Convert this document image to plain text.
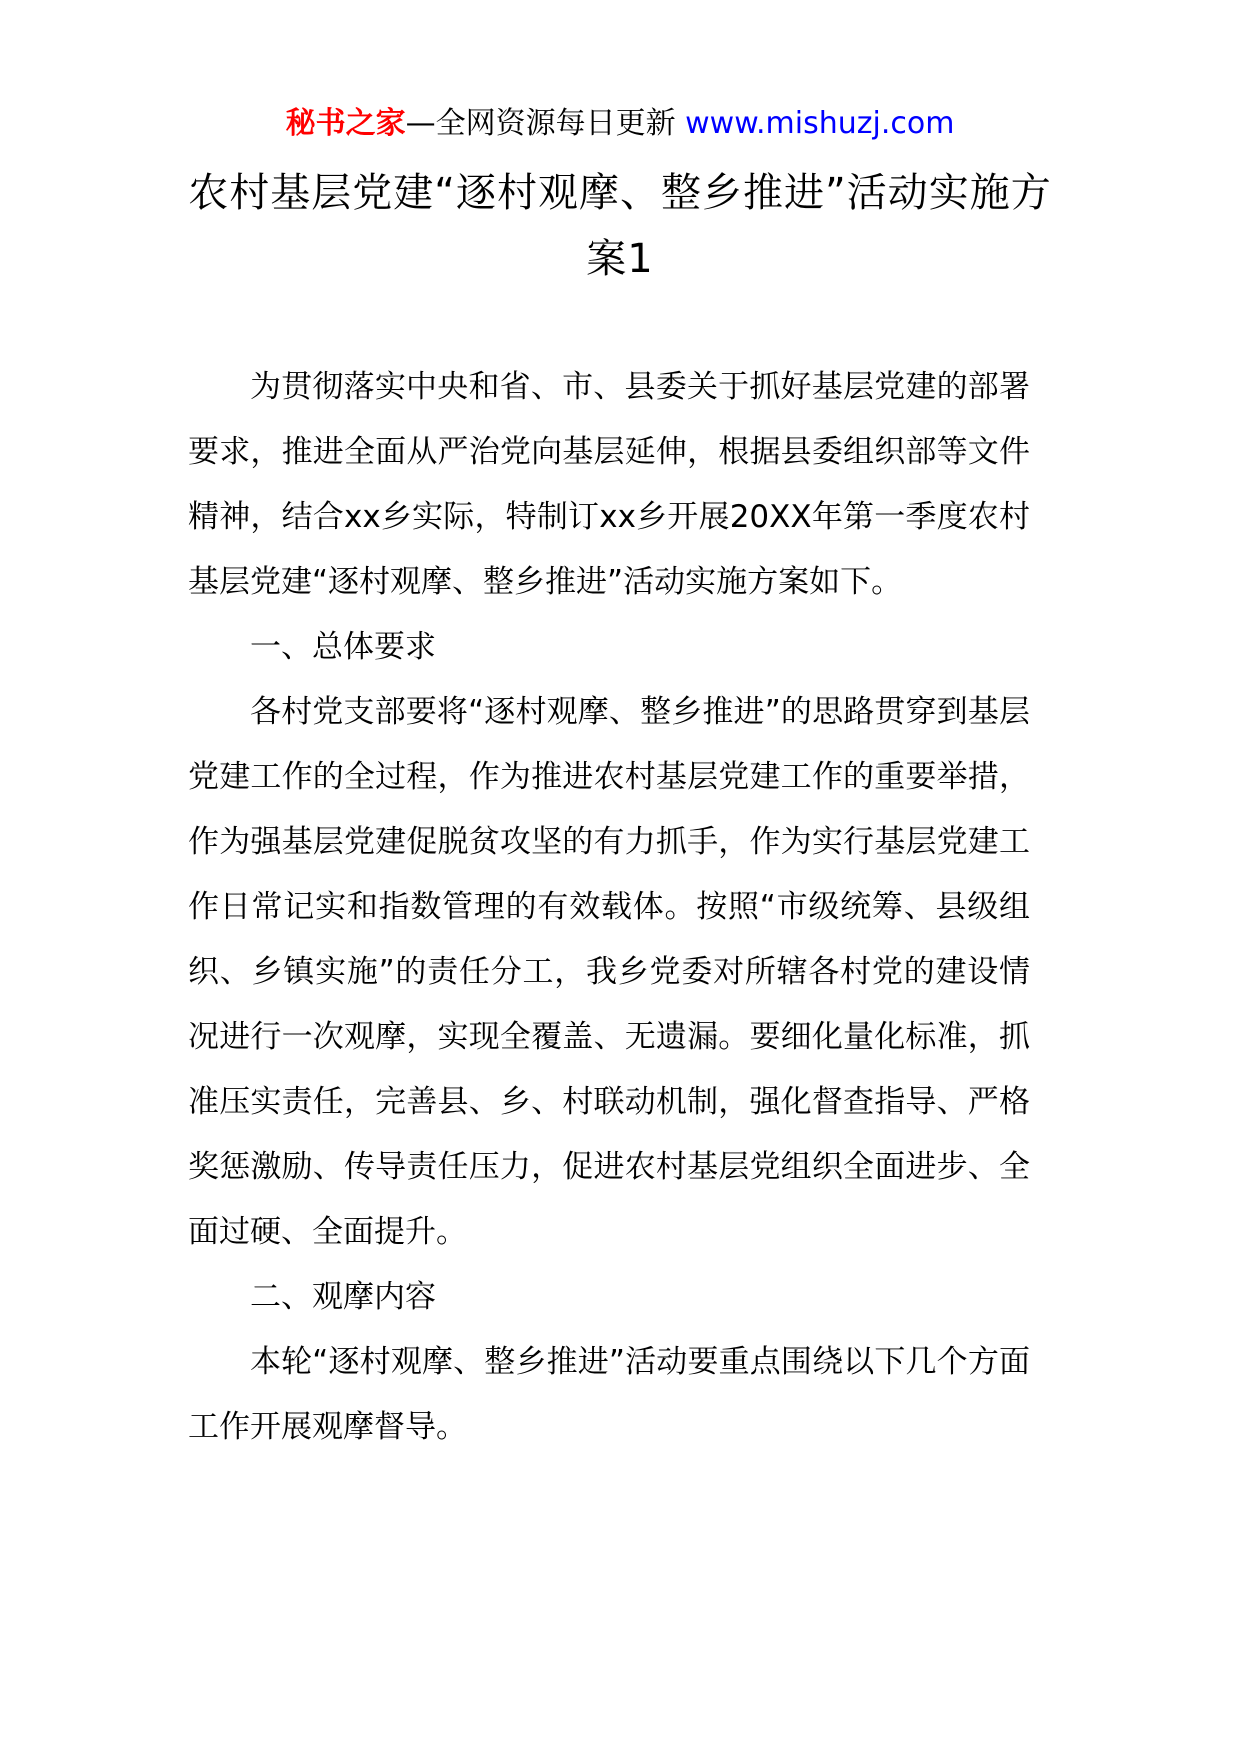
秘书之家—全网资源每日更新 www.mishuzj.com
农村基层党建“逐村观摩、整乡推进”活动实施方案1

为贯彻落实中央和省、市、县委关于抓好基层党建的部署要求，推进全面从严治党向基层延伸，根据县委组织部等文件精神，结合xx乡实际，特制订xx乡开展20XX年第一季度农村基层党建“逐村观摩、整乡推进”活动实施方案如下。

一、总体要求

各村党支部要将“逐村观摩、整乡推进”的思路贯穿到基层党建工作的全过程，作为推进农村基层党建工作的重要举措，作为强基层党建促脱贫攻坚的有力抓手，作为实行基层党建工作日常记实和指数管理的有效载体。按照“市级统筹、县级组织、乡镇实施”的责任分工，我乡党委对所辖各村党的建设情况进行一次观摩，实现全覆盖、无遗漏。要细化量化标准，抓准压实责任，完善县、乡、村联动机制，强化督查指导、严格奖惩激励、传导责任压力，促进农村基层党组织全面进步、全面过硬、全面提升。

二、观摩内容

本轮“逐村观摩、整乡推进”活动要重点围绕以下几个方面工作开展观摩督导。
